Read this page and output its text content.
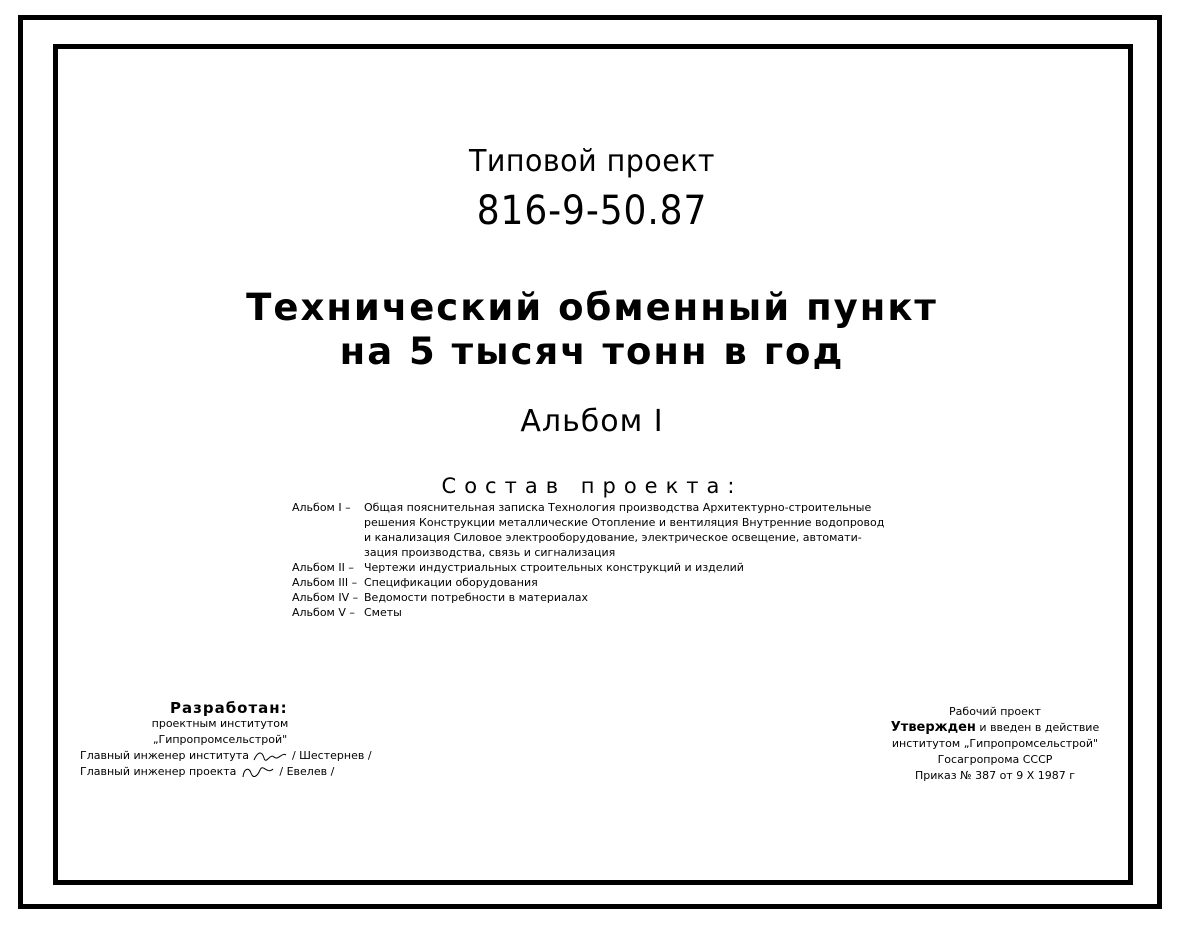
Типовой проект
816-9-50.87
Технический обменный пункт
на 5 тысяч тонн в год
Альбом I
Состав проекта:
Альбом I –	Общая пояснительная записка Технология производства Архитектурно-строительные
решения Конструкции металлические Отопление и вентиляция Внутренние водопровод
и канализация Силовое электрооборудование, электрическое освещение, автомати-
зация производства, связь и сигнализация
Альбом II – Чертежи индустриальных строительных конструкций и изделий
Альбом III – Спецификации оборудования
Альбом IV – Ведомости потребности в материалах
Альбом V – Сметы
Разработан:
проектным институтом
„Гипропромсельстрой"
Главный инженер института	/ Шестернев /
Главный инженер проекта	/ Евелев /
Рабочий проект
Утвержден и введен в действие
институтом „Гипропромсельстрой"
Госагропрома СССР
Приказ № 387 от 9 X 1987 г
